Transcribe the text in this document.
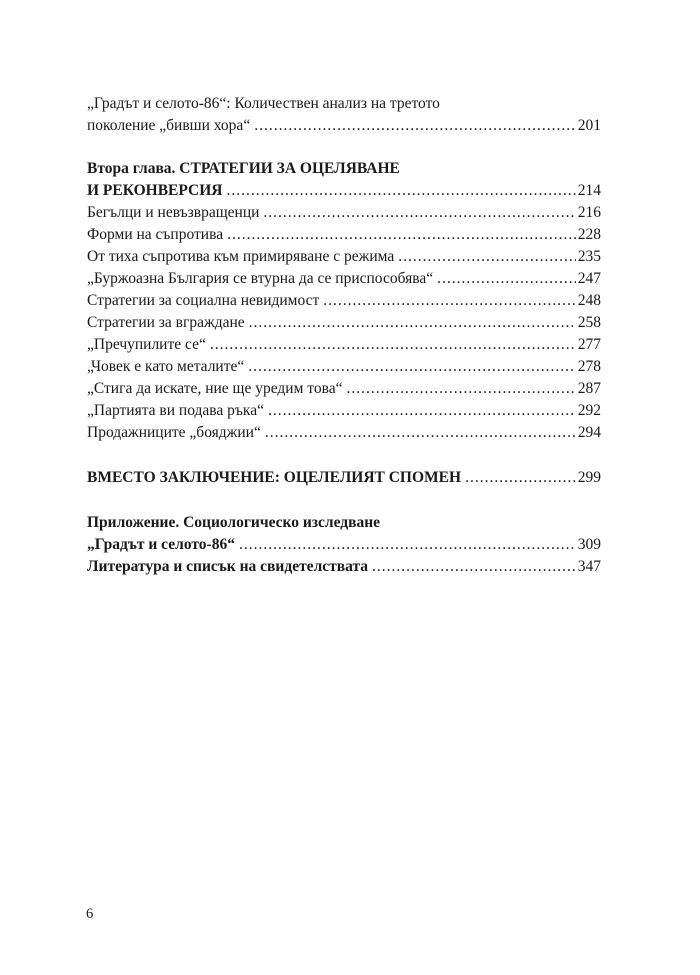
„Градът и селото-86“: Количествен анализ на третото
поколение „бивши хора“ .....	201
Втора глава. СТРАТЕГИИ ЗА ОЦЕЛЯВАНЕ
И РЕКОНВЕРСИЯ .....	214
Бегълци и невъзвращенци .....	216
Форми на съпротива .....	228
От тиха съпротива към примиряване с режима .....	235
„Буржоазна България се втурна да се приспособява“ .....	247
Стратегии за социална невидимост .....	248
Стратегии за вграждане .....	258
„Пречупилите се“ .....	277
„Човек е като металите“ .....	278
„Стига да искате, ние ще уредим това“ .....	287
„Партията ви подава ръка“ .....	292
Продажниците „бояджии“ .....	294
ВМЕСТО ЗАКЛЮЧЕНИЕ: ОЦЕЛЕЛИЯТ СПОМЕН .....	299
Приложение. Социологическо изследване
„Градът и селото-86“ .....	309
Литература и списък на свидетелствата .....	347
6
